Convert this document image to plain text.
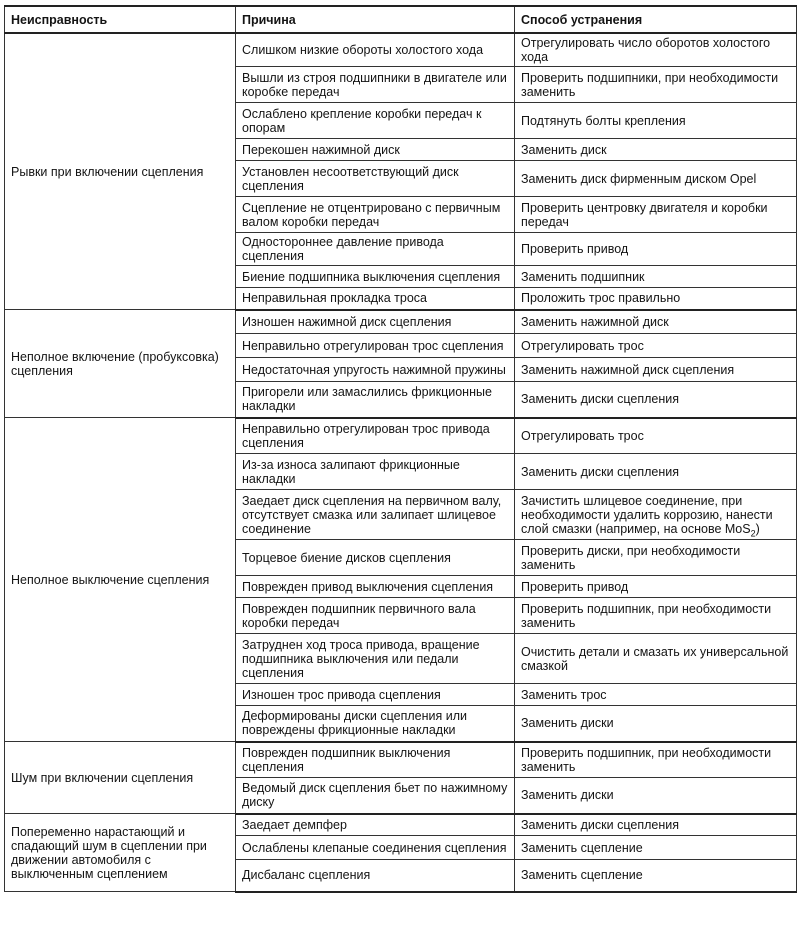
Неисправность	Причина	Способ устранения
Рывки при включении сцепления	Слишком низкие обороты холостого хода	Отрегулировать число оборотов холостого хода
	Вышли из строя подшипники в двигателе или коробке передач	Проверить подшипники, при необходимости заменить
	Ослаблено крепление коробки передач к опорам	Подтянуть болты крепления
	Перекошен нажимной диск	Заменить диск
	Установлен несоответствующий диск сцепления	Заменить диск фирменным диском Opel
	Сцепление не отцентрировано с первичным валом коробки передач	Проверить центровку двигателя и коробки передач
	Одностороннее давление привода сцепления	Проверить привод
	Биение подшипника выключения сцепления	Заменить подшипник
	Неправильная прокладка троса	Проложить трос правильно
Неполное включение (пробуксовка) сцепления	Изношен нажимной диск сцепления	Заменить нажимной диск
	Неправильно отрегулирован трос сцепления	Отрегулировать трос
	Недостаточная упругость нажимной пружины	Заменить нажимной диск сцепления
	Пригорели или замаслились фрикционные накладки	Заменить диски сцепления
Неполное выключение сцепления	Неправильно отрегулирован трос привода сцепления	Отрегулировать трос
	Из-за износа залипают фрикционные накладки	Заменить диски сцепления
	Заедает диск сцепления на первичном валу, отсутствует смазка или залипает шлицевое соединение	Зачистить шлицевое соединение, при необходимости удалить коррозию, нанести слой смазки (например, на основе MoS$_2$)
	Торцевое биение дисков сцепления	Проверить диски, при необходимости заменить
	Поврежден привод выключения сцепления	Проверить привод
	Поврежден подшипник первичного вала коробки передач	Проверить подшипник, при необходимости заменить
	Затруднен ход троса привода, вращение подшипника выключения или педали сцепления	Очистить детали и смазать их универсальной смазкой
	Изношен трос привода сцепления	Заменить трос
	Деформированы диски сцепления или повреждены фрикционные накладки	Заменить диски
Шум при включении сцепления	Поврежден подшипник выключения сцепления	Проверить подшипник, при необходимости заменить
	Ведомый диск сцепления бьет по нажимному диску	Заменить диски
Попеременно нарастающий и спадающий шум в сцеплении при движении автомобиля с выключенным сцеплением	Заедает демпфер	Заменить диски сцепления
	Ослаблены клепаные соединения сцепления	Заменить сцепление
	Дисбаланс сцепления	Заменить сцепление
